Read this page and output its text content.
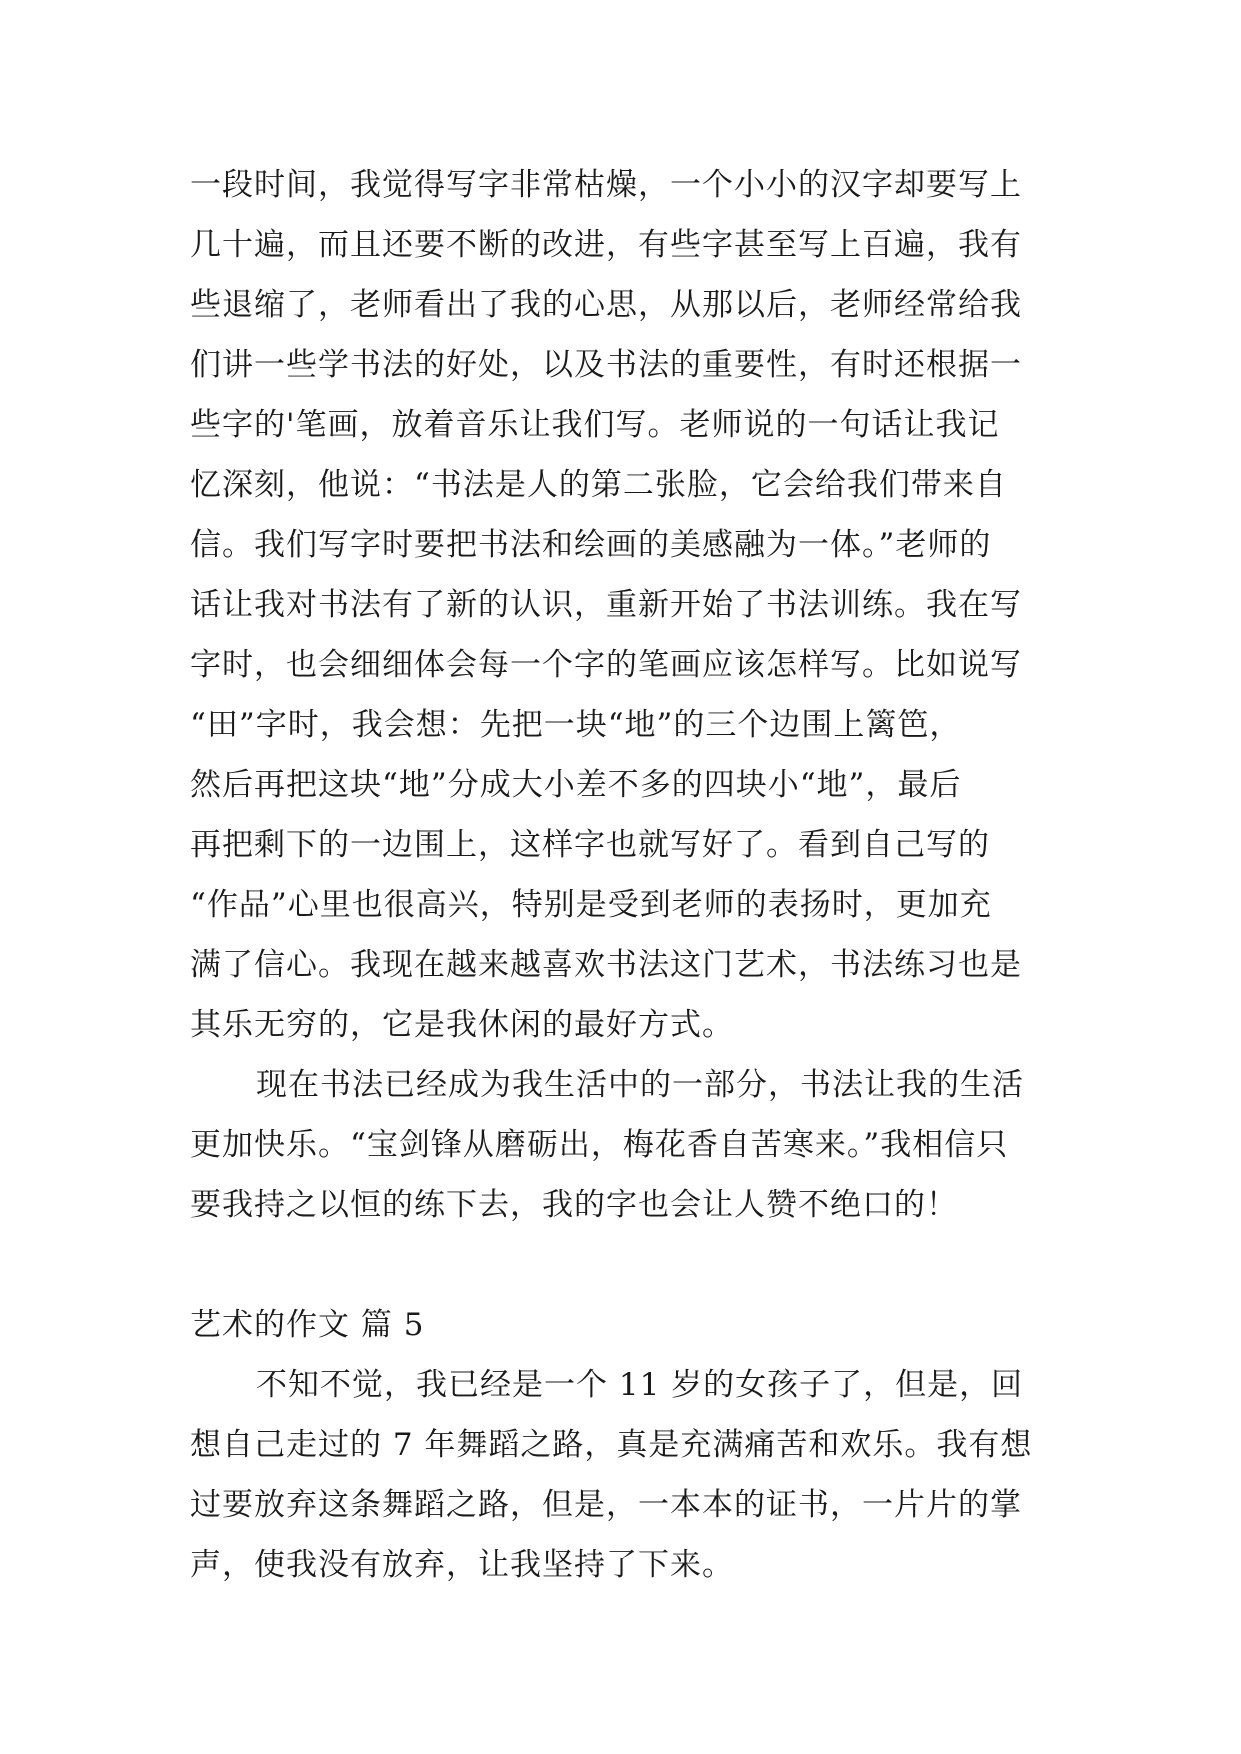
一段时间，我觉得写字非常枯燥，一个小小的汉字却要写上
几十遍，而且还要不断的改进，有些字甚至写上百遍，我有
些退缩了，老师看出了我的心思，从那以后，老师经常给我
们讲一些学书法的好处，以及书法的重要性，有时还根据一
些字的'笔画，放着音乐让我们写。老师说的一句话让我记
忆深刻，他说：“书法是人的第二张脸，它会给我们带来自
信。我们写字时要把书法和绘画的美感融为一体。”老师的
话让我对书法有了新的认识，重新开始了书法训练。我在写
字时，也会细细体会每一个字的笔画应该怎样写。比如说写
“田”字时，我会想：先把一块“地”的三个边围上篱笆，
然后再把这块“地”分成大小差不多的四块小“地”，最后
再把剩下的一边围上，这样字也就写好了。看到自己写的
“作品”心里也很高兴，特别是受到老师的表扬时，更加充
满了信心。我现在越来越喜欢书法这门艺术，书法练习也是
其乐无穷的，它是我休闲的最好方式。
现在书法已经成为我生活中的一部分，书法让我的生活
更加快乐。“宝剑锋从磨砺出，梅花香自苦寒来。”我相信只
要我持之以恒的练下去，我的字也会让人赞不绝口的！
艺术的作文 篇 5
不知不觉，我已经是一个 11 岁的女孩子了，但是，回
想自己走过的 7 年舞蹈之路，真是充满痛苦和欢乐。我有想
过要放弃这条舞蹈之路，但是，一本本的证书，一片片的掌
声，使我没有放弃，让我坚持了下来。
